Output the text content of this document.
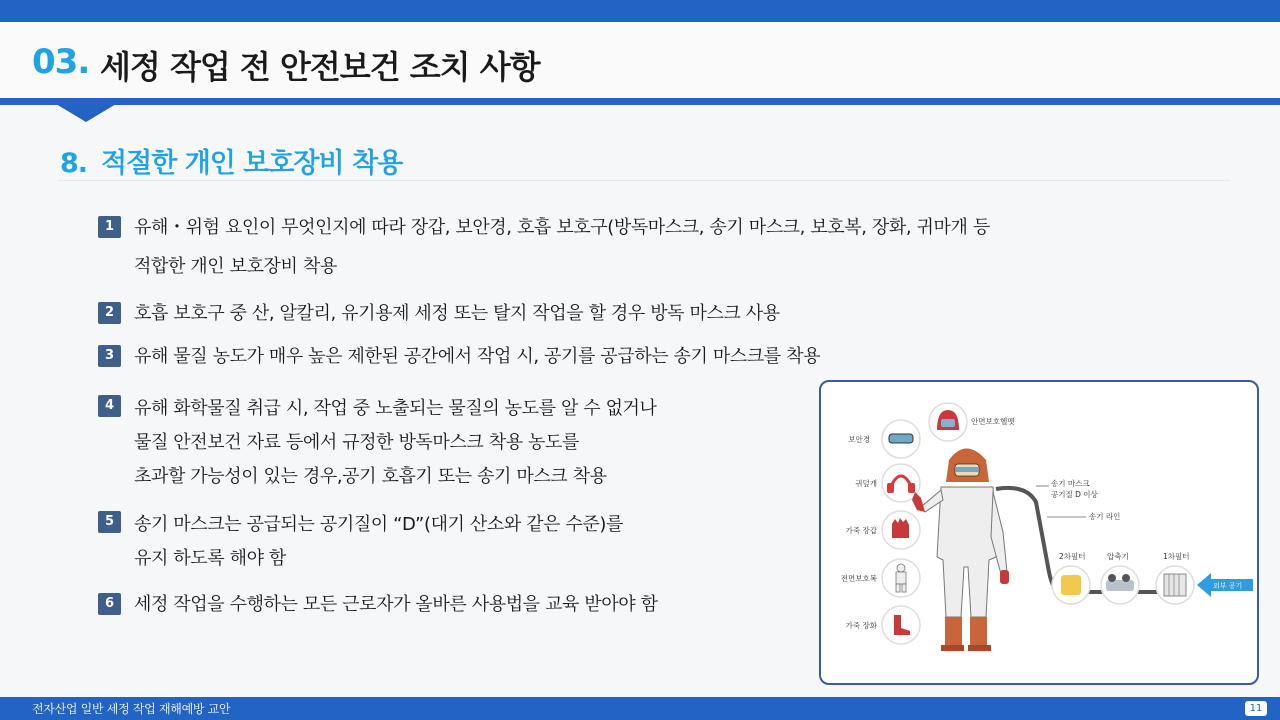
03. 세정 작업 전 안전보건 조치 사항
8. 적절한 개인 보호장비 착용
1	유해・위험 요인이 무엇인지에 따라 장갑, 보안경, 호흡 보호구(방독마스크, 송기 마스크, 보호복, 장화, 귀마개 등
적합한 개인 보호장비 착용
2	호흡 보호구 중 산, 알칼리, 유기용제 세정 또는 탈지 작업을 할 경우 방독 마스크 사용
3	유해 물질 농도가 매우 높은 제한된 공간에서 작업 시, 공기를 공급하는 송기 마스크를 착용
4	유해 화학물질 취급 시, 작업 중 노출되는 물질의 농도를 알 수 없거나
물질 안전보건 자료 등에서 규정한 방독마스크 착용 농도를
초과할 가능성이 있는 경우,공기 호흡기 또는 송기 마스크 착용
5	송기 마스크는 공급되는 공기질이 “D”(대기 산소와 같은 수준)를
유지 하도록 해야 함
6	세정 작업을 수행하는 모든 근로자가 올바른 사용법을 교육 받아야 함
보안경
귀덮개
가죽 장갑
전면보호복
가죽 장화
안면보호헬멧
송기 마스크
공기질 D 이상
송기 라인
2차필터	압축기	1차필터
외부 공기
전자산업 일반 세정 작업 재해예방 교안	11
